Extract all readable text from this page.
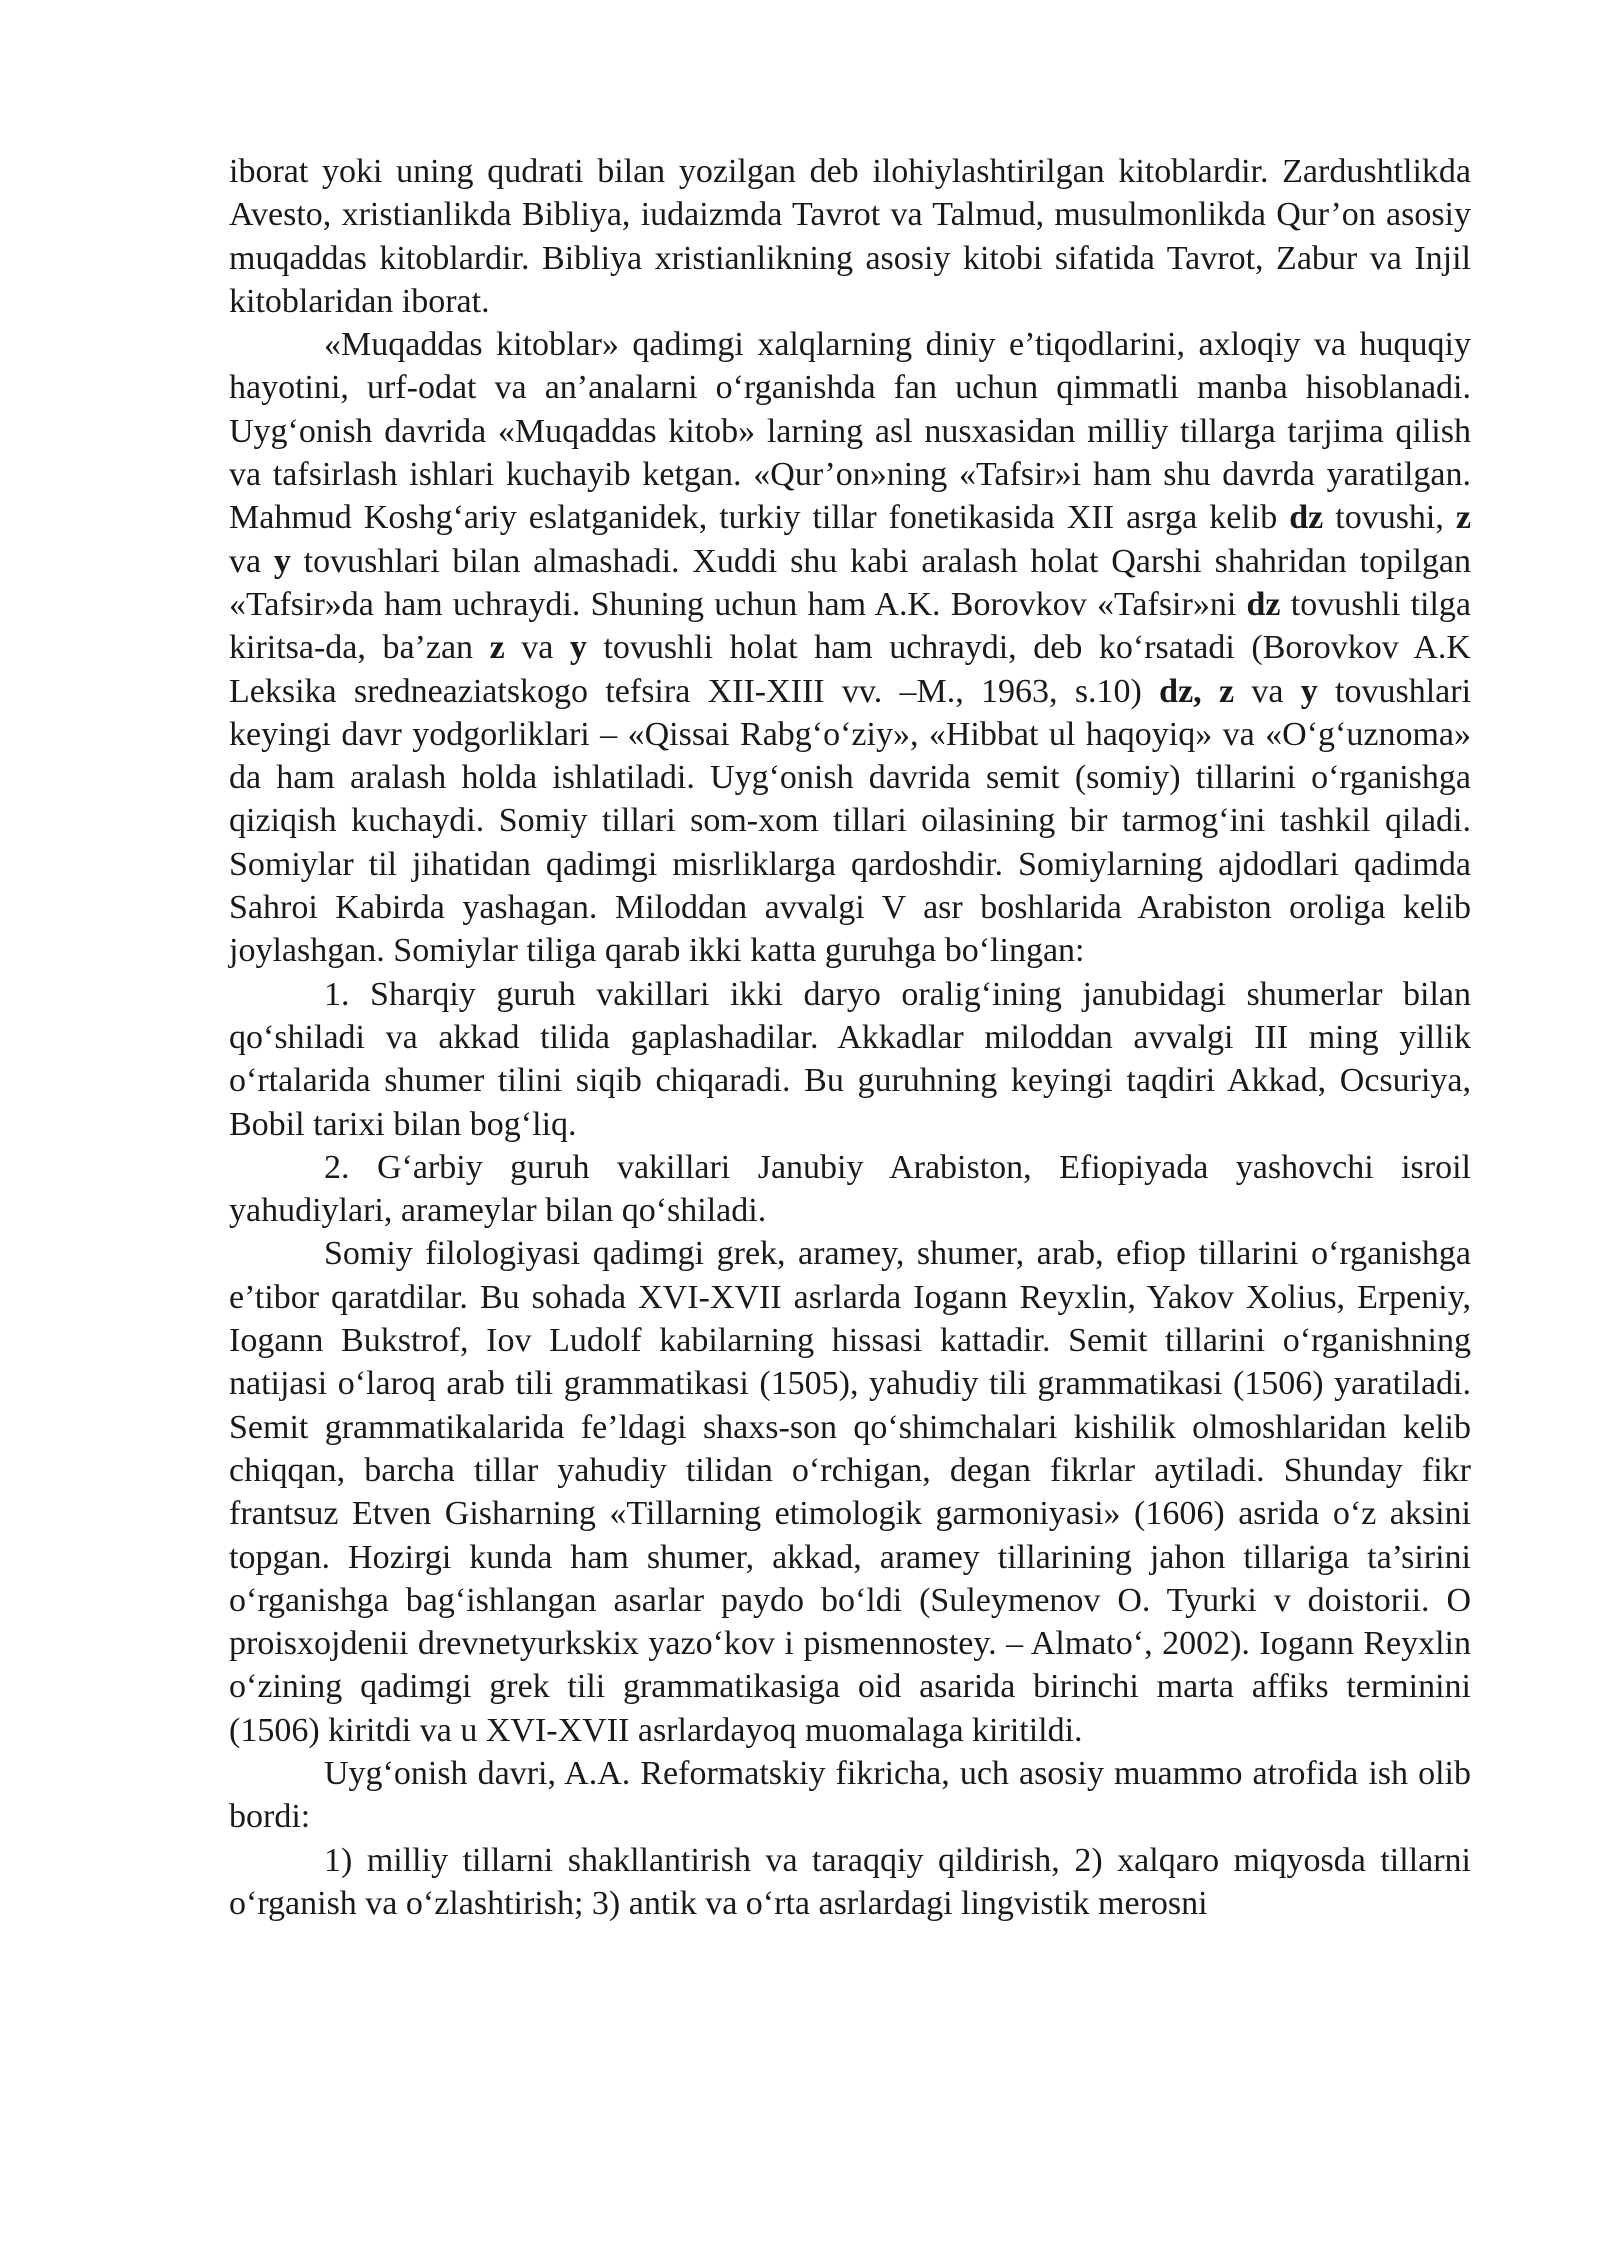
iborat yoki uning qudrati bilan yozilgan deb ilohiylashtirilgan kitoblardir. Zardushtlikda Avesto, xristianlikda Bibliya, iudaizmda Tavrot va Talmud, musulmonlikda Qur’on asosiy muqaddas kitoblardir. Bibliya xristianlikning asosiy kitobi sifatida Tavrot, Zabur va Injil kitoblaridan iborat.

«Muqaddas kitoblar» qadimgi xalqlarning diniy e’tiqodlarini, axloqiy va huquqiy hayotini, urf-odat va an’analarni o‘rganishda fan uchun qimmatli manba hisoblanadi. Uyg‘onish davrida «Muqaddas kitob» larning asl nusxasidan milliy tillarga tarjima qilish va tafsirlash ishlari kuchayib ketgan. «Qur’on»ning «Tafsir»i ham shu davrda yaratilgan. Mahmud Koshg‘ariy eslatganidek, turkiy tillar fonetikasida XII asrga kelib dz tovushi, z va y tovushlari bilan almashadi. Xuddi shu kabi aralash holat Qarshi shahridan topilgan «Tafsir»da ham uchraydi. Shuning uchun ham A.K. Borovkov «Tafsir»ni dz tovushli tilga kiritsa-da, ba’zan z va y tovushli holat ham uchraydi, deb ko‘rsatadi (Borovkov A.K Leksika sredneaziatskogo tefsira XII-XIII vv. –M., 1963, s.10) dz, z va y tovushlari keyingi davr yodgorliklari – «Qissai Rabg‘o‘ziy», «Hibbat ul haqoyiq» va «O‘g‘uznoma» da ham aralash holda ishlatiladi. Uyg‘onish davrida semit (somiy) tillarini o‘rganishga qiziqish kuchaydi. Somiy tillari som-xom tillari oilasining bir tarmog‘ini tashkil qiladi. Somiylar til jihatidan qadimgi misrliklarga qardoshdir. Somiylarning ajdodlari qadimda Sahroi Kabirda yashagan. Miloddan avvalgi V asr boshlarida Arabiston oroliga kelib joylashgan. Somiylar tiliga qarab ikki katta guruhga bo‘lingan:

1. Sharqiy guruh vakillari ikki daryo oralig‘ining janubidagi shumerlar bilan qo‘shiladi va akkad tilida gaplashadilar. Akkadlar miloddan avvalgi III ming yillik o‘rtalarida shumer tilini siqib chiqaradi. Bu guruhning keyingi taqdiri Akkad, Ocsuriya, Bobil tarixi bilan bog‘liq.

2. G‘arbiy guruh vakillari Janubiy Arabiston, Efiopiyada yashovchi isroil yahudiylari, arameylar bilan qo‘shiladi.

Somiy filologiyasi qadimgi grek, aramey, shumer, arab, efiop tillarini o‘rganishga e’tibor qaratdilar. Bu sohada XVI-XVII asrlarda Iogann Reyxlin, Yakov Xolius, Erpeniy, Iogann Bukstrof, Iov Ludolf kabilarning hissasi kattadir. Semit tillarini o‘rganishning natijasi o‘laroq arab tili grammatikasi (1505), yahudiy tili grammatikasi (1506) yaratiladi. Semit grammatikalarida fe’ldagi shaxs-son qo‘shimchalari kishilik olmoshlaridan kelib chiqqan, barcha tillar yahudiy tilidan o‘rchigan, degan fikrlar aytiladi. Shunday fikr frantsuz Etven Gisharning «Tillarning etimologik garmoniyasi» (1606) asrida o‘z aksini topgan. Hozirgi kunda ham shumer, akkad, aramey tillarining jahon tillariga ta’sirini o‘rganishga bag‘ishlangan asarlar paydo bo‘ldi (Suleymenov O. Tyurki v doistorii. O proisxojdenii drevnetyurkskix yazo‘kov i pismennostey. – Almato‘, 2002). Iogann Reyxlin o‘zining qadimgi grek tili grammatikasiga oid asarida birinchi marta affiks terminini (1506) kiritdi va u XVI-XVII asrlardayoq muomalaga kiritildi.

Uyg‘onish davri, A.A. Reformatskiy fikricha, uch asosiy muammo atrofida ish olib bordi:

1) milliy tillarni shakllantirish va taraqqiy qildirish, 2) xalqaro miqyosda tillarni o‘rganish va o‘zlashtirish; 3) antik va o‘rta asrlardagi lingvistik merosni
